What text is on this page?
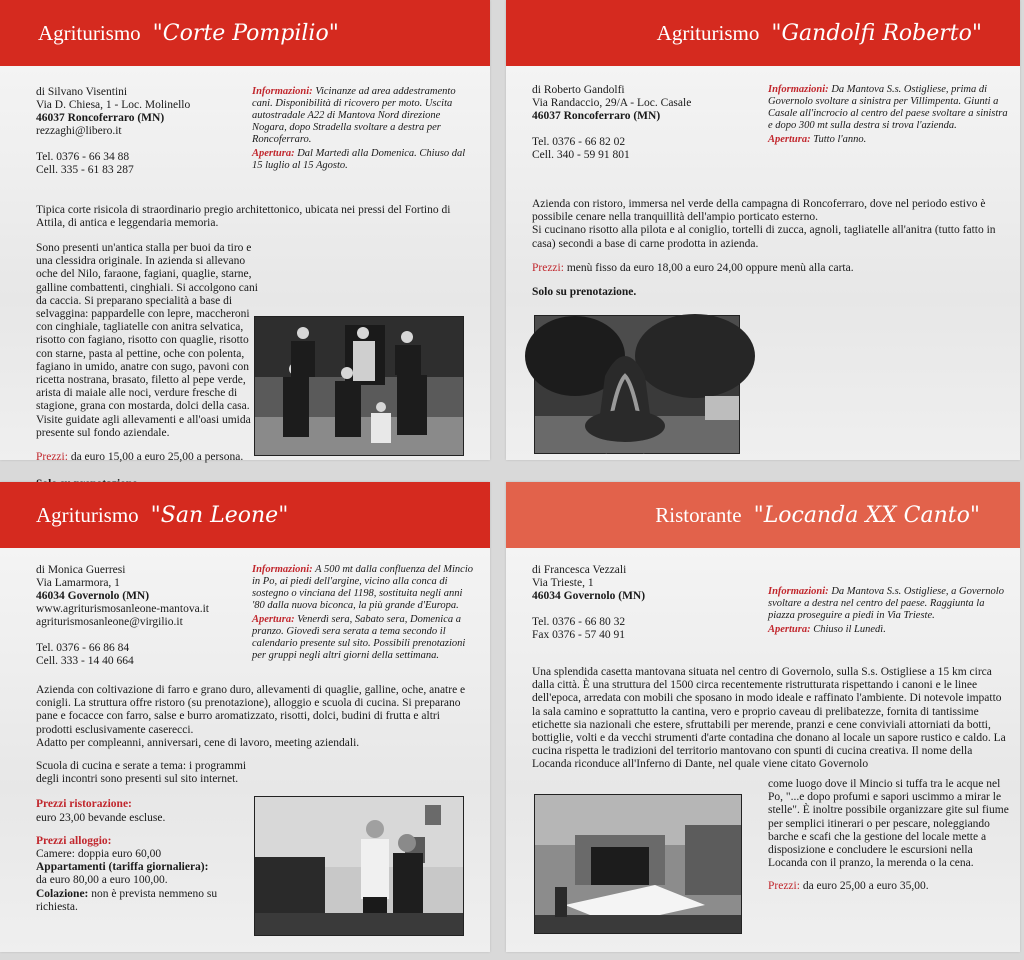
Agriturismo "Corte Pompilio"
di Silvano Visentini
Via D. Chiesa, 1 - Loc. Molinello
46037 Roncoferraro (MN)
rezzaghi@libero.it
Tel. 0376 - 66 34 88
Cell. 335 - 61 83 287
Informazioni: Vicinanze ad area addestramento cani. Disponibilità di ricovero per moto. Uscita autostradale A22 di Mantova Nord direzione Nogara, dopo Stradella svoltare a destra per Roncoferraro.
Apertura: Dal Martedì alla Domenica. Chiuso dal 15 luglio al 15 Agosto.

Tipica corte risicola di straordinario pregio architettonico, ubicata nei pressi del Fortino di Attila, di antica e leggendaria memoria.

Sono presenti un'antica stalla per buoi da tiro e una clessidra originale. In azienda si allevano oche del Nilo, faraone, fagiani, quaglie, starne, galline combattenti, cinghiali. Si accolgono cani da caccia. Si preparano specialità a base di selvaggina: pappardelle con lepre, maccheroni con cinghiale, tagliatelle con anitra selvatica, risotto con fagiano, risotto con quaglie, risotto con starne, pasta al pettine, oche con polenta, fagiano in umido, anatre con sugo, pavoni con ricetta nostrana, brasato, filetto al pepe verde, arista di maiale alle noci, verdure fresche di stagione, grana con mostarda, dolci della casa.
Visite guidate agli allevamenti e all'oasi umida presente sul fondo aziendale.
Prezzi: da euro 15,00 a euro 25,00 a persona.
Agriturismo "Gandolfi Roberto"
di Roberto Gandolfi
Via Randaccio, 29/A - Loc. Casale
46037 Roncoferraro (MN)
Tel. 0376 - 66 82 02
Cell. 340 - 59 91 801
Informazioni: Da Mantova S.s. Ostigliese, prima di Governolo svoltare a sinistra per Villimpenta. Giunti a Casale all'incrocio al centro del paese svoltare a sinistra e dopo 300 mt sulla destra si trova l'azienda.
Apertura: Tutto l'anno.
Azienda con ristoro, immersa nel verde della campagna di Roncoferraro, dove nel periodo estivo è possibile cenare nella tranquillità dell'ampio porticato esterno.
Si cucinano risotto alla pilota e al coniglio, tortelli di zucca, agnoli, tagliatelle all'anitra (tutto fatto in casa) secondi a base di carne prodotta in azienda.
Prezzi: menù fisso da euro 18,00 a euro 24,00 oppure menù alla carta.
Solo su prenotazione.
Agriturismo "San Leone"
di Monica Guerresi
Via Lamarmora, 1
46034 Governolo (MN)
www.agriturismosanleone-mantova.it
agriturismosanleone@virgilio.it
Tel. 0376 - 66 86 84
Cell. 333 - 14 40 664
Informazioni: A 500 mt dalla confluenza del Mincio in Po, ai piedi dell'argine, vicino alla conca di sostegno o vinciana del 1198, sostituita negli anni '80 dalla nuova biconca, la più grande d'Europa.
Apertura: Venerdì sera, Sabato sera, Domenica a pranzo. Giovedì sera serata a tema secondo il calendario presente sul sito. Possibili prenotazioni per gruppi negli altri giorni della settimana.
Azienda con coltivazione di farro e grano duro, allevamenti di quaglie, galline, oche, anatre e conigli. La struttura offre ristoro (su prenotazione), alloggio e scuola di cucina. Si preparano pane e focacce con farro, salse e burro aromatizzato, risotti, dolci, budini di frutta e altri prodotti esclusivamente caserecci.
Adatto per compleanni, anniversari, cene di lavoro, meeting aziendali.
Scuola di cucina e serate a tema: i programmi degli incontri sono presenti sul sito internet.
Prezzi ristorazione:
euro 23,00 bevande escluse.
Prezzi alloggio:
Camere: doppia euro 60,00
Appartamenti (tariffa giornaliera):
da euro 80,00 a euro 100,00.
Colazione: non è prevista nemmeno su richiesta.
Ristorante "Locanda XX Canto"
di Francesca Vezzali
Via Trieste, 1
46034 Governolo (MN)
Tel. 0376 - 66 80 32
Fax 0376 - 57 40 91
Informazioni: Da Mantova S.s. Ostigliese, a Governolo svoltare a destra nel centro del paese. Raggiunta la piazza proseguire a piedi in Via Trieste.
Apertura: Chiuso il Lunedì.
Una splendida casetta mantovana situata nel centro di Governolo, sulla S.s. Ostigliese a 15 km circa dalla città. È una struttura del 1500 circa recentemente ristrutturata rispettando i canoni e le linee dell'epoca, arredata con mobili che sposano in modo ideale e raffinato l'ambiente. Di notevole impatto la sala camino e soprattutto la cantina, vero e proprio caveau di prelibatezze, fornita di tantissime etichette sia nazionali che estere, sfruttabili per merende, pranzi e cene conviviali attorniati da botti, bottiglie, volti e da vecchi strumenti d'arte contadina che donano al locale un sapore rustico e caldo. La cucina rispetta le tradizioni del territorio mantovano con spunti di cucina creativa. Il nome della Locanda riconduce all'Inferno di Dante, nel quale viene citato Governolo
come luogo dove il Mincio si tuffa tra le acque nel Po, "...e dopo profumi e sapori uscimmo a mirar le stelle". È inoltre possibile organizzare gite sul fiume per semplici itinerari o per pescare, noleggiando barche e scafi che la gestione del locale mette a disposizione e concludere le escursioni nella Locanda con il pranzo, la merenda o la cena.
Prezzi: da euro 25,00 a euro 35,00.
